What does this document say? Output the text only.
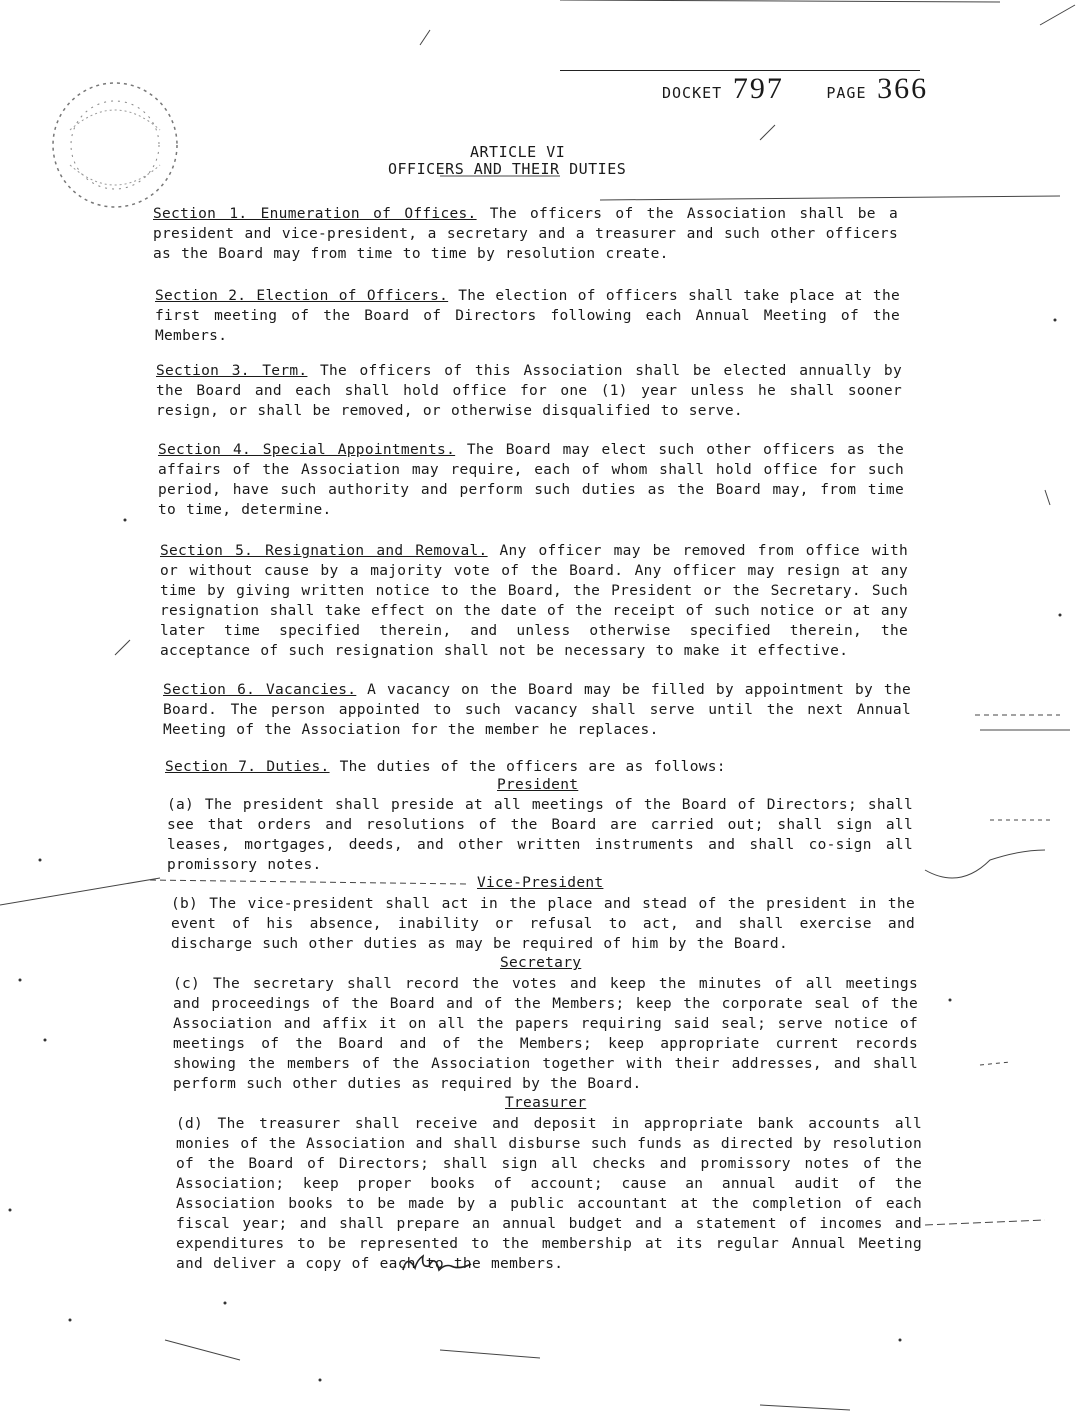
DOCKET 797	PAGE 366
ARTICLE VI
OFFICERS AND THEIR DUTIES
Section 1. Enumeration of Offices. The officers of the Association shall be a president and vice-president, a secretary and a treasurer and such other officers as the Board may from time to time by resolution create.
Section 2. Election of Officers. The election of officers shall take place at the first meeting of the Board of Directors following each Annual Meeting of the Members.
Section 3. Term. The officers of this Association shall be elected annually by the Board and each shall hold office for one (1) year unless he shall sooner resign, or shall be removed, or otherwise disqualified to serve.
Section 4. Special Appointments. The Board may elect such other officers as the affairs of the Association may require, each of whom shall hold office for such period, have such authority and perform such duties as the Board may, from time to time, determine.
Section 5. Resignation and Removal. Any officer may be removed from office with or without cause by a majority vote of the Board. Any officer may resign at any time by giving written notice to the Board, the President or the Secretary. Such resignation shall take effect on the date of the receipt of such notice or at any later time specified therein, and unless otherwise specified therein, the acceptance of such resignation shall not be necessary to make it effective.
Section 6. Vacancies. A vacancy on the Board may be filled by appointment by the Board. The person appointed to such vacancy shall serve until the next Annual Meeting of the Association for the member he replaces.
Section 7. Duties. The duties of the officers are as follows:
President
(a) The president shall preside at all meetings of the Board of Directors; shall see that orders and resolutions of the Board are carried out; shall sign all leases, mortgages, deeds, and other written instruments and shall co-sign all promissory notes.
Vice-President
(b) The vice-president shall act in the place and stead of the president in the event of his absence, inability or refusal to act, and shall exercise and discharge such other duties as may be required of him by the Board.
Secretary
(c) The secretary shall record the votes and keep the minutes of all meetings and proceedings of the Board and of the Members; keep the corporate seal of the Association and affix it on all the papers requiring said seal; serve notice of meetings of the Board and of the Members; keep appropriate current records showing the members of the Association together with their addresses, and shall perform such other duties as required by the Board.
Treasurer
(d) The treasurer shall receive and deposit in appropriate bank accounts all monies of the Association and shall disburse such funds as directed by resolution of the Board of Directors; shall sign all checks and promissory notes of the Association; keep proper books of account; cause an annual audit of the Association books to be made by a public accountant at the completion of each fiscal year; and shall prepare an annual budget and a statement of incomes and expenditures to be represented to the membership at its regular Annual Meeting and deliver a copy of each to the members.
